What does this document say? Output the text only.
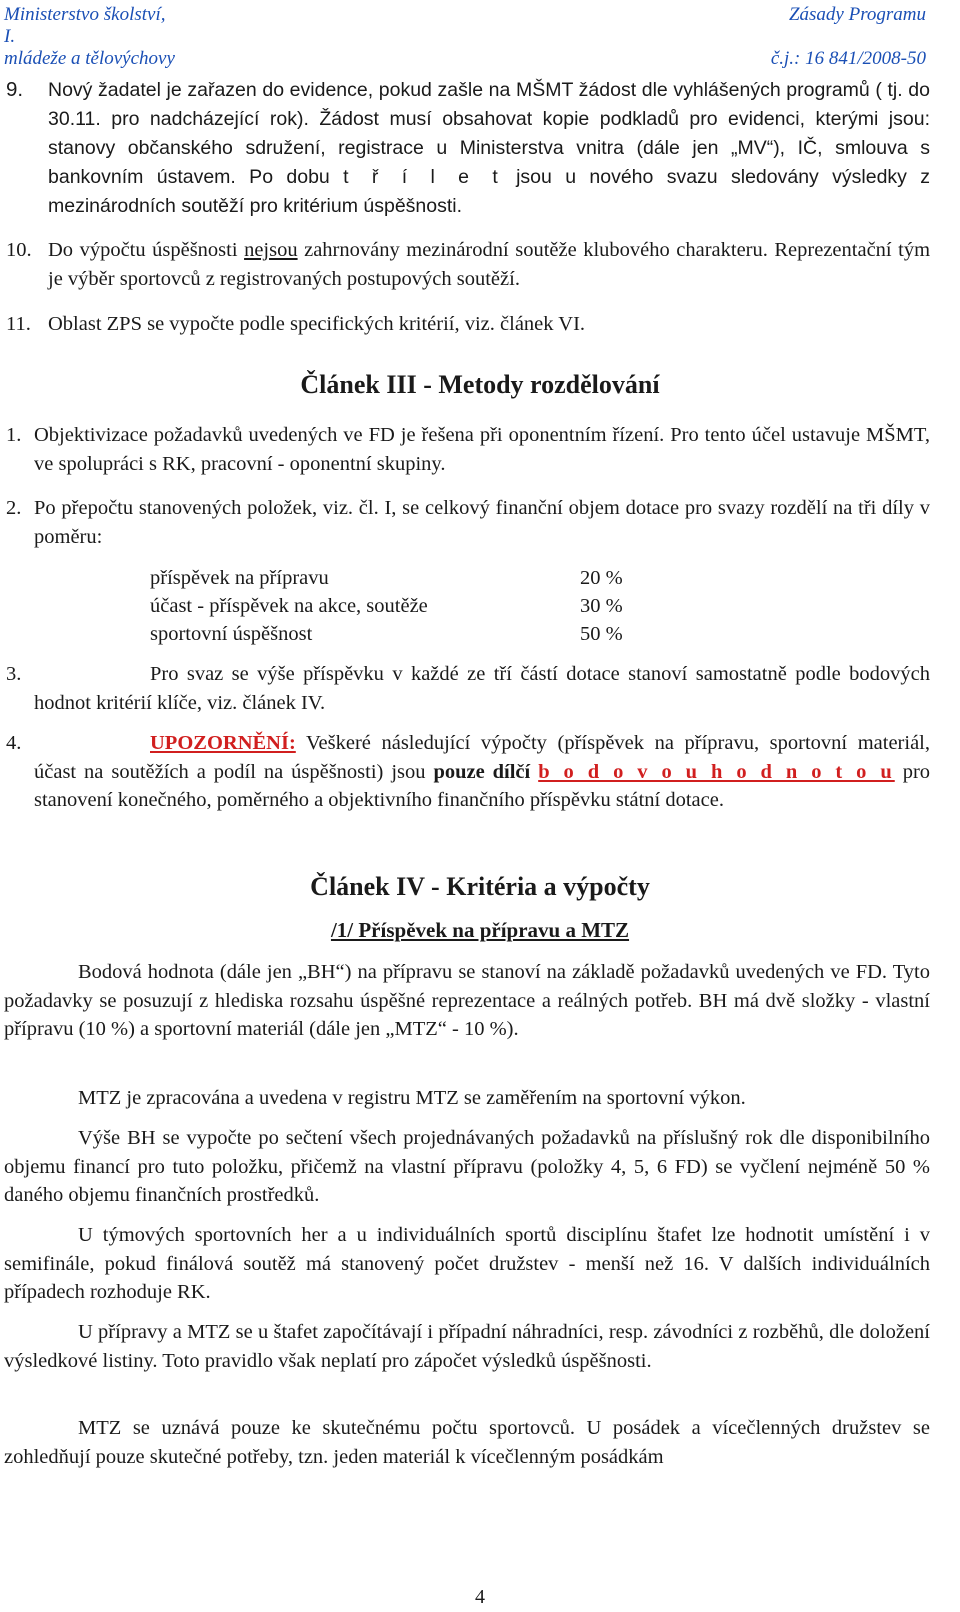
Ministerstvo školství,
I.
mládeže a tělovýchovy
Zásady Programu
č.j.: 16 841/2008-50
9. Nový žadatel je zařazen do evidence, pokud zašle na MŠMT žádost dle vyhlášených programů ( tj. do 30.11. pro nadcházející rok). Žádost musí obsahovat kopie podkladů pro evidenci, kterými jsou: stanovy občanského sdružení, registrace u Ministerstva vnitra (dále jen „MV“), IČ, smlouva s bankovním ústavem. Po dobu t ř í l e t jsou u nového svazu sledovány výsledky z mezinárodních soutěží pro kritérium úspěšnosti.
10. Do výpočtu úspěšnosti nejsou zahrnovány mezinárodní soutěže klubového charakteru. Reprezentační tým je výběr sportovců z registrovaných postupových soutěží.
11. Oblast ZPS se vypočte podle specifických kritérií, viz. článek VI.
Článek III - Metody rozdělování
1. Objektivizace požadavků uvedených ve FD je řešena při oponentním řízení. Pro tento účel ustavuje MŠMT, ve spolupráci s RK, pracovní - oponentní skupiny.
2. Po přepočtu stanovených položek, viz. čl. I, se celkový finanční objem dotace pro svazy rozdělí na tři díly v poměru:
příspěvek na přípravu	20 %
účast - příspěvek na akce, soutěže	30 %
sportovní úspěšnost	50 %
3.	Pro svaz se výše příspěvku v každé ze tří částí dotace stanoví samostatně podle bodových hodnot kritérií klíče, viz. článek IV.
4.	UPOZORNĚNÍ: Veškeré následující výpočty (příspěvek na přípravu, sportovní materiál, účast na soutěžích a podíl na úspěšnosti) jsou pouze dílčí b o d o v o u h o d n o t o u pro stanovení konečného, poměrného a objektivního finančního příspěvku státní dotace.
Článek IV - Kritéria a výpočty
/1/ Příspěvek na přípravu a MTZ
Bodová hodnota (dále jen „BH“) na přípravu se stanoví na základě požadavků uvedených ve FD. Tyto požadavky se posuzují z hlediska rozsahu úspěšné reprezentace a reálných potřeb. BH má dvě složky - vlastní přípravu (10 %) a sportovní materiál (dále jen „MTZ“ - 10 %).
MTZ je zpracována a uvedena v registru MTZ se zaměřením na sportovní výkon.
Výše BH se vypočte po sečtení všech projednávaných požadavků na příslušný rok dle disponibilního objemu financí pro tuto položku, přičemž na vlastní přípravu (položky 4, 5, 6 FD) se vyčlení nejméně 50 % daného objemu finančních prostředků.
U týmových sportovních her a u individuálních sportů disciplínu štafet lze hodnotit umístění i v semifinále, pokud finálová soutěž má stanovený počet družstev - menší než 16. V dalších individuálních případech rozhoduje RK.
U přípravy a MTZ se u štafet započítávají i případní náhradníci, resp. závodníci z rozběhů, dle doložení výsledkové listiny. Toto pravidlo však neplatí pro zápočet výsledků úspěšnosti.
MTZ se uznává pouze ke skutečnému počtu sportovců. U posádek a vícečlenných družstev se zohledňují pouze skutečné potřeby, tzn. jeden materiál k vícečlenným posádkám
4
